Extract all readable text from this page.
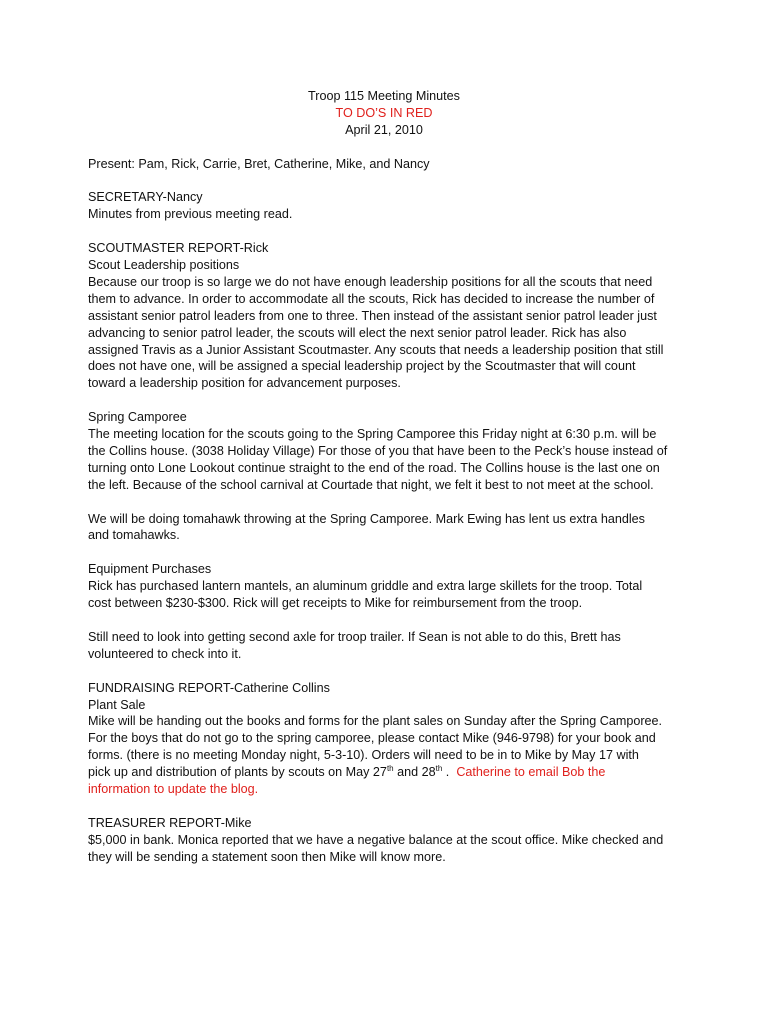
Troop 115 Meeting Minutes
TO DO’S IN RED
April 21, 2010
Present: Pam, Rick, Carrie, Bret, Catherine, Mike, and Nancy
SECRETARY-Nancy
Minutes from previous meeting read.
SCOUTMASTER REPORT-Rick
Scout Leadership positions
Because our troop is so large we do not have enough leadership positions for all the scouts that need
them to advance. In order to accommodate all the scouts, Rick has decided to increase the number of
assistant senior patrol leaders from one to three. Then instead of the assistant senior patrol leader just
advancing to senior patrol leader, the scouts will elect the next senior patrol leader. Rick has also
assigned Travis as a Junior Assistant Scoutmaster. Any scouts that needs a leadership position that still
does not have one, will be assigned a special leadership project by the Scoutmaster that will count
toward a leadership position for advancement purposes.
Spring Camporee
The meeting location for the scouts going to the Spring Camporee this Friday night at 6:30 p.m. will be
the Collins house. (3038 Holiday Village) For those of you that have been to the Peck’s house instead of
turning onto Lone Lookout continue straight to the end of the road. The Collins house is the last one on
the left. Because of the school carnival at Courtade that night, we felt it best to not meet at the school.
We will be doing tomahawk throwing at the Spring Camporee. Mark Ewing has lent us extra handles
and tomahawks.
Equipment Purchases
Rick has purchased lantern mantels, an aluminum griddle and extra large skillets for the troop. Total
cost between $230-$300. Rick will get receipts to Mike for reimbursement from the troop.
Still need to look into getting second axle for troop trailer. If Sean is not able to do this, Brett has
volunteered to check into it.
FUNDRAISING REPORT-Catherine Collins
Plant Sale
Mike will be handing out the books and forms for the plant sales on Sunday after the Spring Camporee.
For the boys that do not go to the spring camporee, please contact Mike (946-9798) for your book and
forms. (there is no meeting Monday night, 5-3-10). Orders will need to be in to Mike by May 17 with
pick up and distribution of plants by scouts on May 27th and 28th .  Catherine to email Bob the
information to update the blog.
TREASURER REPORT-Mike
$5,000 in bank. Monica reported that we have a negative balance at the scout office. Mike checked and
they will be sending a statement soon then Mike will know more.
